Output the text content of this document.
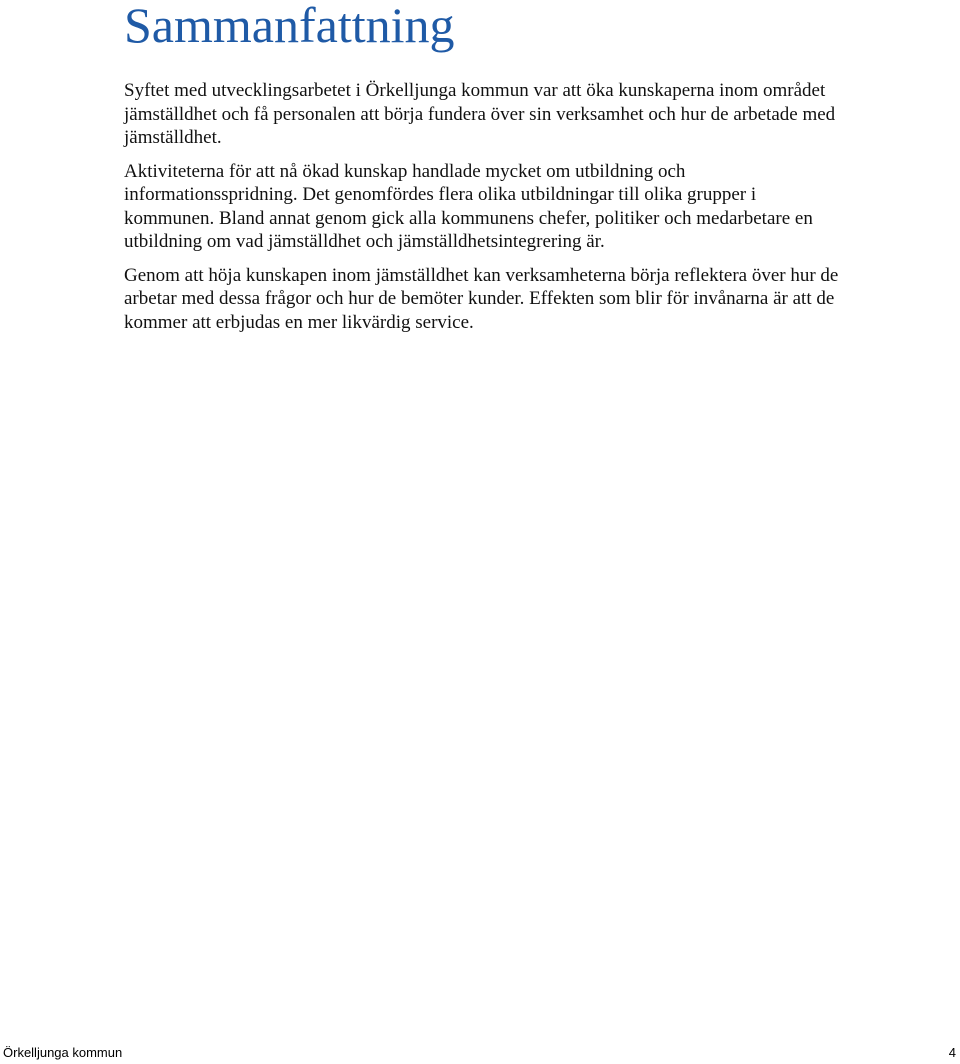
Sammanfattning

Syftet med utvecklingsarbetet i Örkelljunga kommun var att öka kunskaperna inom området jämställdhet och få personalen att börja fundera över sin verksamhet och hur de arbetade med jämställdhet.

Aktiviteterna för att nå ökad kunskap handlade mycket om utbildning och informationsspridning. Det genomfördes flera olika utbildningar till olika grupper i kommunen. Bland annat genom gick alla kommunens chefer, politiker och medarbetare en utbildning om vad jämställdhet och jämställdhetsintegrering är.

Genom att höja kunskapen inom jämställdhet kan verksamheterna börja reflektera över hur de arbetar med dessa frågor och hur de bemöter kunder. Effekten som blir för invånarna är att de kommer att erbjudas en mer likvärdig service.

Örkelljunga kommun	4
